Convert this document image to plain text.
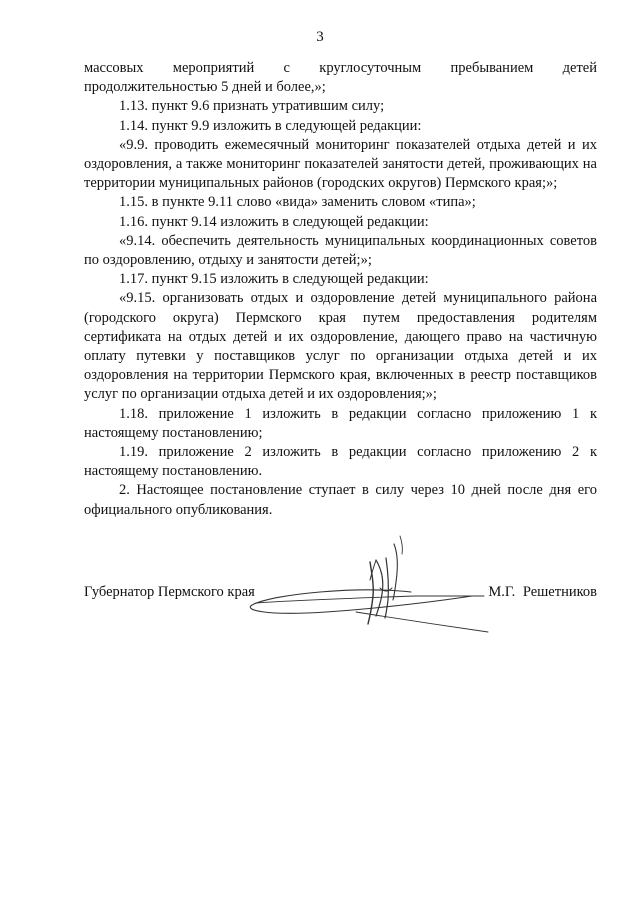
3

массовых мероприятий с круглосуточным пребыванием детей

продолжительностью 5 дней и более,»;

1.13. пункт 9.6 признать утратившим силу;

1.14. пункт 9.9 изложить в следующей редакции:

«9.9. проводить ежемесячный мониторинг показателей отдыха детей и их оздоровления, а также мониторинг показателей занятости детей, проживающих на территории муниципальных районов (городских округов) Пермского края;»;

1.15. в пункте 9.11 слово «вида» заменить словом «типа»;

1.16. пункт 9.14 изложить в следующей редакции:

«9.14. обеспечить деятельность муниципальных координационных советов по оздоровлению, отдыху и занятости детей;»;

1.17. пункт 9.15 изложить в следующей редакции:

«9.15. организовать отдых и оздоровление детей муниципального района (городского округа) Пермского края путем предоставления родителям сертификата на отдых детей и их оздоровление, дающего право на частичную оплату путевки у поставщиков услуг по организации отдыха детей и их оздоровления на территории Пермского края, включенных в реестр поставщиков услуг по организации отдыха детей и их оздоровления;»;

1.18. приложение 1 изложить в редакции согласно приложению 1 к настоящему постановлению;

1.19. приложение 2 изложить в редакции согласно приложению 2 к настоящему постановлению.

2. Настоящее постановление ступает в силу через 10 дней после дня его официального опубликования.

Губернатор Пермского края	М.Г. Решетников
